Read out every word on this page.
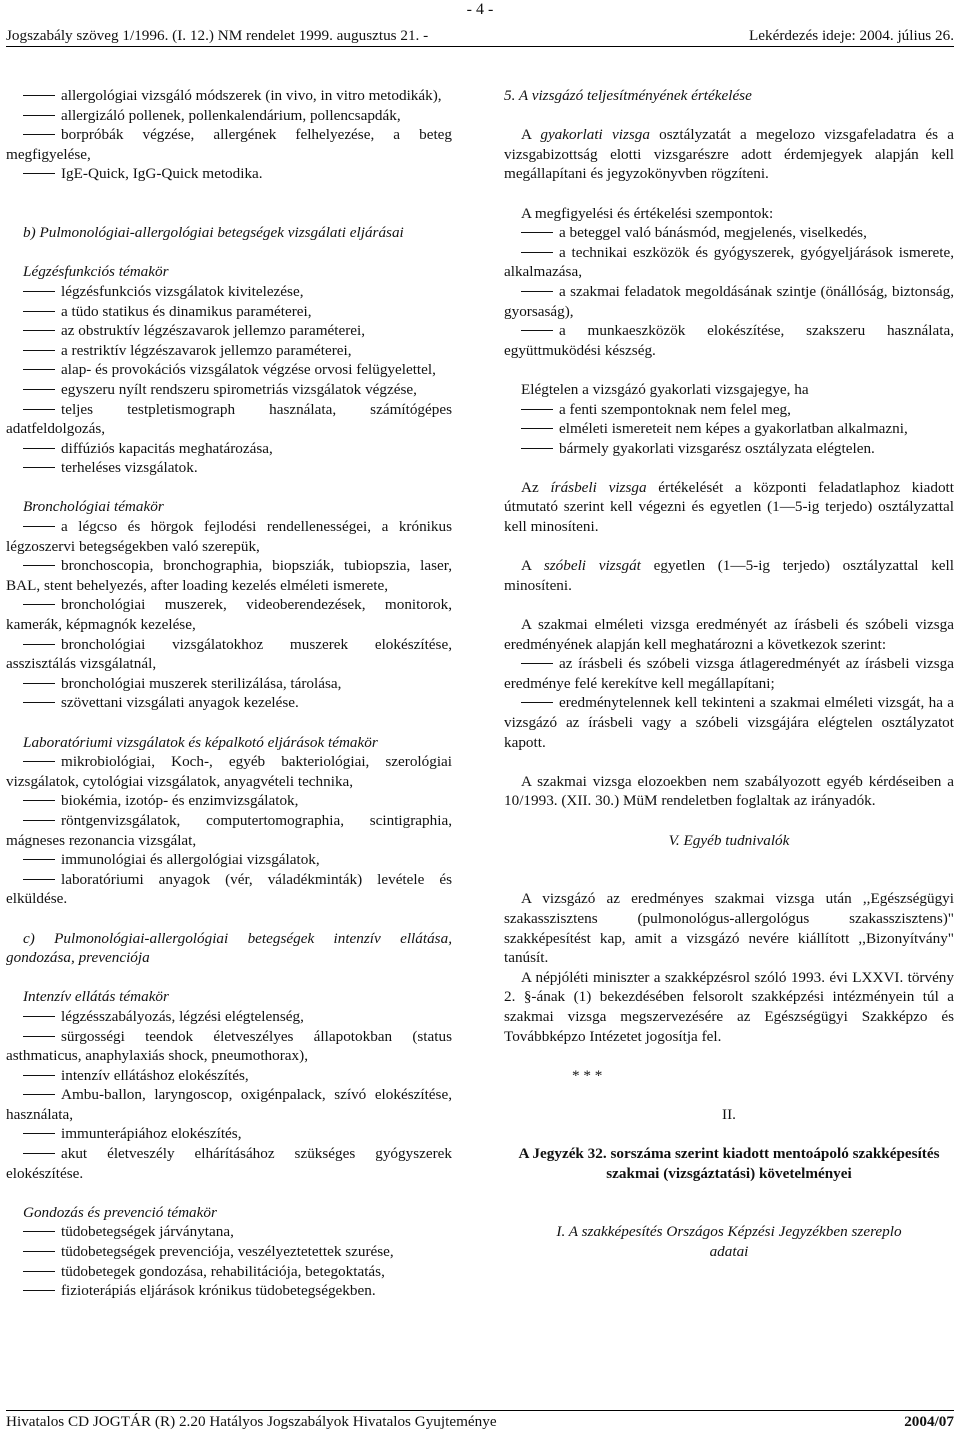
- 4 -
Jogszabály szöveg 1/1996. (I. 12.) NM rendelet 1999. augusztus 21. -	Lekérdezés ideje: 2004. július 26.

allergológiai vizsgáló módszerek (in vivo, in vitro metodikák),

allergizáló pollenek, pollenkalendárium, pollencsapdák,

borpróbák végzése, allergének felhelyezése, a beteg megfigyelése,

IgE-Quick, IgG-Quick metodika.

b) Pulmonológiai-allergológiai betegségek vizsgálati eljárásai

Légzésfunkciós témakör

légzésfunkciós vizsgálatok kivitelezése,

a tüdo statikus és dinamikus paraméterei,

az obstruktív légzészavarok jellemzo paraméterei,

a restriktív légzészavarok jellemzo paraméterei,

alap- és provokációs vizsgálatok végzése orvosi felügyelettel,

egyszeru nyílt rendszeru spirometriás vizsgálatok végzése,

teljes testpletismograph használata, számítógépes adatfeldolgozás,

diffúziós kapacitás meghatározása,

terheléses vizsgálatok.

Bronchológiai témakör

a légcso és hörgok fejlodési rendellenességei, a krónikus légzoszervi betegségekben való szerepük,

bronchoscopia, bronchographia, biopsziák, tubiopszia, laser, BAL, stent behelyezés, after loading kezelés elméleti ismerete,

bronchológiai muszerek, videoberendezések, monitorok, kamerák, képmagnók kezelése,

bronchológiai vizsgálatokhoz muszerek elokészítése, asszisztálás vizsgálatnál,

bronchológiai muszerek sterilizálása, tárolása,

szövettani vizsgálati anyagok kezelése.

Laboratóriumi vizsgálatok és képalkotó eljárások témakör

mikrobiológiai, Koch-, egyéb bakteriológiai, szerológiai vizsgálatok, cytológiai vizsgálatok, anyagvételi technika,

biokémia, izotóp- és enzimvizsgálatok,

röntgenvizsgálatok, computertomographia, scintigraphia, mágneses rezonancia vizsgálat,

immunológiai és allergológiai vizsgálatok,

laboratóriumi anyagok (vér, váladékminták) levétele és elküldése.

c) Pulmonológiai-allergológiai betegségek intenzív ellátása, gondozása, prevenciója

Intenzív ellátás témakör

légzésszabályozás, légzési elégtelenség,

sürgosségi teendok életveszélyes állapotokban (status asthmaticus, anaphylaxiás shock, pneumothorax),

intenzív ellátáshoz elokészítés,

Ambu-ballon, laryngoscop, oxigénpalack, szívó elokészítése, használata,

immunterápiához elokészítés,

akut életveszély elhárításához szükséges gyógyszerek elokészítése.

Gondozás és prevenció témakör

tüdobetegségek járványtana,

tüdobetegségek prevenciója, veszélyeztetettek szurése,

tüdobetegek gondozása, rehabilitációja, betegoktatás,

fizioterápiás eljárások krónikus tüdobetegségekben.

5. A vizsgázó teljesítményének értékelése

A gyakorlati vizsga osztályzatát a megelozo vizsgafeladatra és a vizsgabizottság elotti vizsgarészre adott érdemjegyek alapján kell megállapítani és jegyzokönyvben rögzíteni.

A megfigyelési és értékelési szempontok:

a beteggel való bánásmód, megjelenés, viselkedés,

a technikai eszközök és gyógyszerek, gyógyeljárások ismerete, alkalmazása,

a szakmai feladatok megoldásának szintje (önállóság, biztonság, gyorsaság),

a munkaeszközök elokészítése, szakszeru használata, együttmuködési készség.

Elégtelen a vizsgázó gyakorlati vizsgajegye, ha

a fenti szempontoknak nem felel meg,

elméleti ismereteit nem képes a gyakorlatban alkalmazni,

bármely gyakorlati vizsgarész osztályzata elégtelen.

Az írásbeli vizsga értékelését a központi feladatlaphoz kiadott útmutató szerint kell végezni és egyetlen (1—5-ig terjedo) osztályzattal kell minosíteni.

A szóbeli vizsgát egyetlen (1—5-ig terjedo) osztályzattal kell minosíteni.

A szakmai elméleti vizsga eredményét az írásbeli és szóbeli vizsga eredményének alapján kell meghatározni a következok szerint:

az írásbeli és szóbeli vizsga átlageredményét az írásbeli vizsga eredménye felé kerekítve kell megállapítani;

eredménytelennek kell tekinteni a szakmai elméleti vizsgát, ha a vizsgázó az írásbeli vagy a szóbeli vizsgájára elégtelen osztályzatot kapott.

A szakmai vizsga elozoekben nem szabályozott egyéb kérdéseiben a 10/1993. (XII. 30.) MüM rendeletben foglaltak az irányadók.

V. Egyéb tudnivalók

A vizsgázó az eredményes szakmai vizsga után ,,Egészségügyi szakasszisztens (pulmonológus-allergológus szakasszisztens)" szakképesítést kap, amit a vizsgázó nevére kiállított ,,Bizonyítvány" tanúsít.

A népjóléti miniszter a szakképzésrol szóló 1993. évi LXXVI. törvény 2. §-ának (1) bekezdésében felsorolt szakképzési intézményein túl a szakmai vizsga megszervezésére az Egészségügyi Szakképzo és Továbbképzo Intézetet jogosítja fel.

* * *

II.

A Jegyzék 32. sorszáma szerint kiadott mentoápoló szakképesítés szakmai (vizsgáztatási) követelményei

I. A szakképesítés Országos Képzési Jegyzékben szereplo adatai

Hivatalos CD JOGTÁR (R) 2.20 Hatályos Jogszabályok Hivatalos Gyujteménye	2004/07
